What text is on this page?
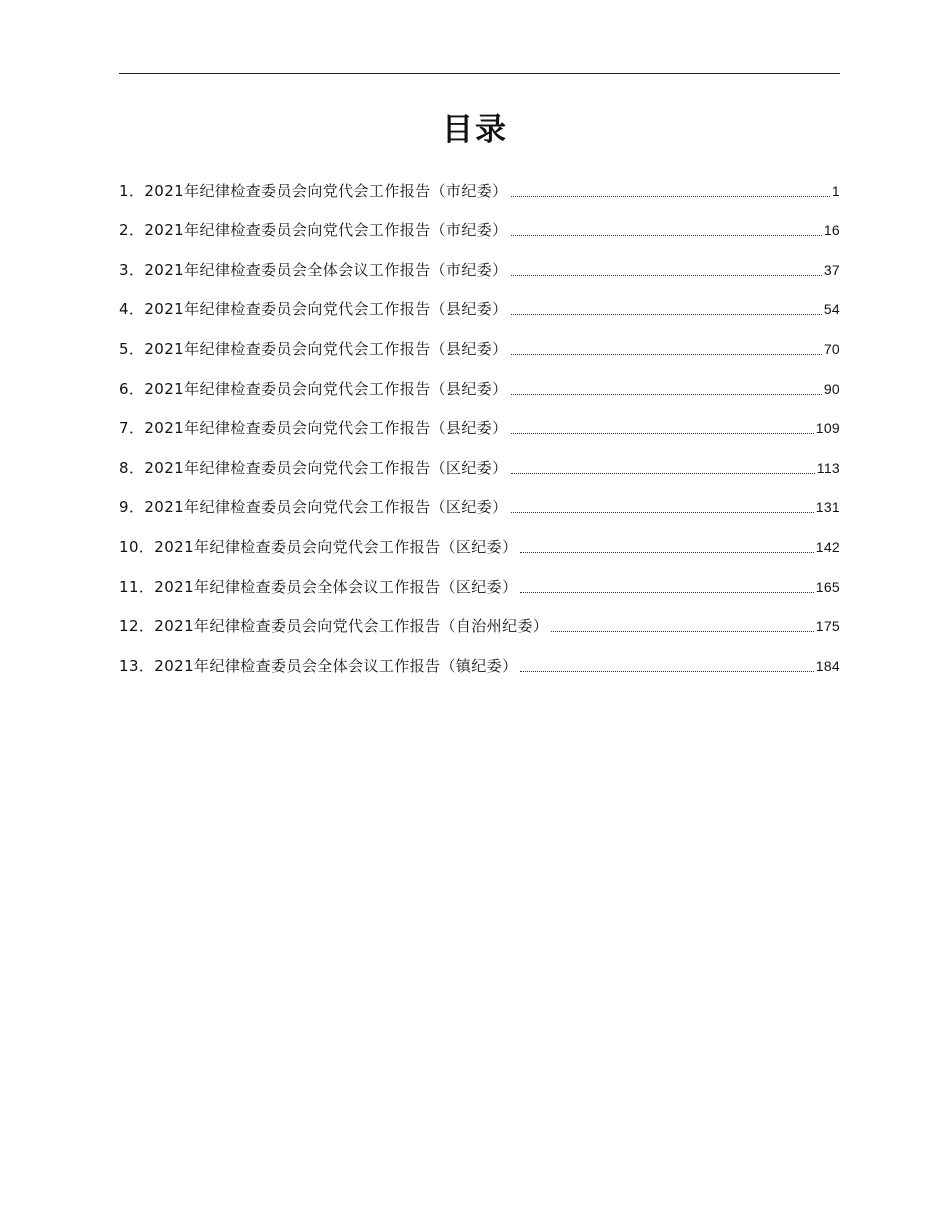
目录
1．2021年纪律检查委员会向党代会工作报告（市纪委）	1
2．2021年纪律检查委员会向党代会工作报告（市纪委）	16
3．2021年纪律检查委员会全体会议工作报告（市纪委）	37
4．2021年纪律检查委员会向党代会工作报告（县纪委）	54
5．2021年纪律检查委员会向党代会工作报告（县纪委）	70
6．2021年纪律检查委员会向党代会工作报告（县纪委）	90
7．2021年纪律检查委员会向党代会工作报告（县纪委）	109
8．2021年纪律检查委员会向党代会工作报告（区纪委）	113
9．2021年纪律检查委员会向党代会工作报告（区纪委）	131
10．2021年纪律检查委员会向党代会工作报告（区纪委）	142
11．2021年纪律检查委员会全体会议工作报告（区纪委）	165
12．2021年纪律检查委员会向党代会工作报告（自治州纪委）	175
13．2021年纪律检查委员会全体会议工作报告（镇纪委）	184
